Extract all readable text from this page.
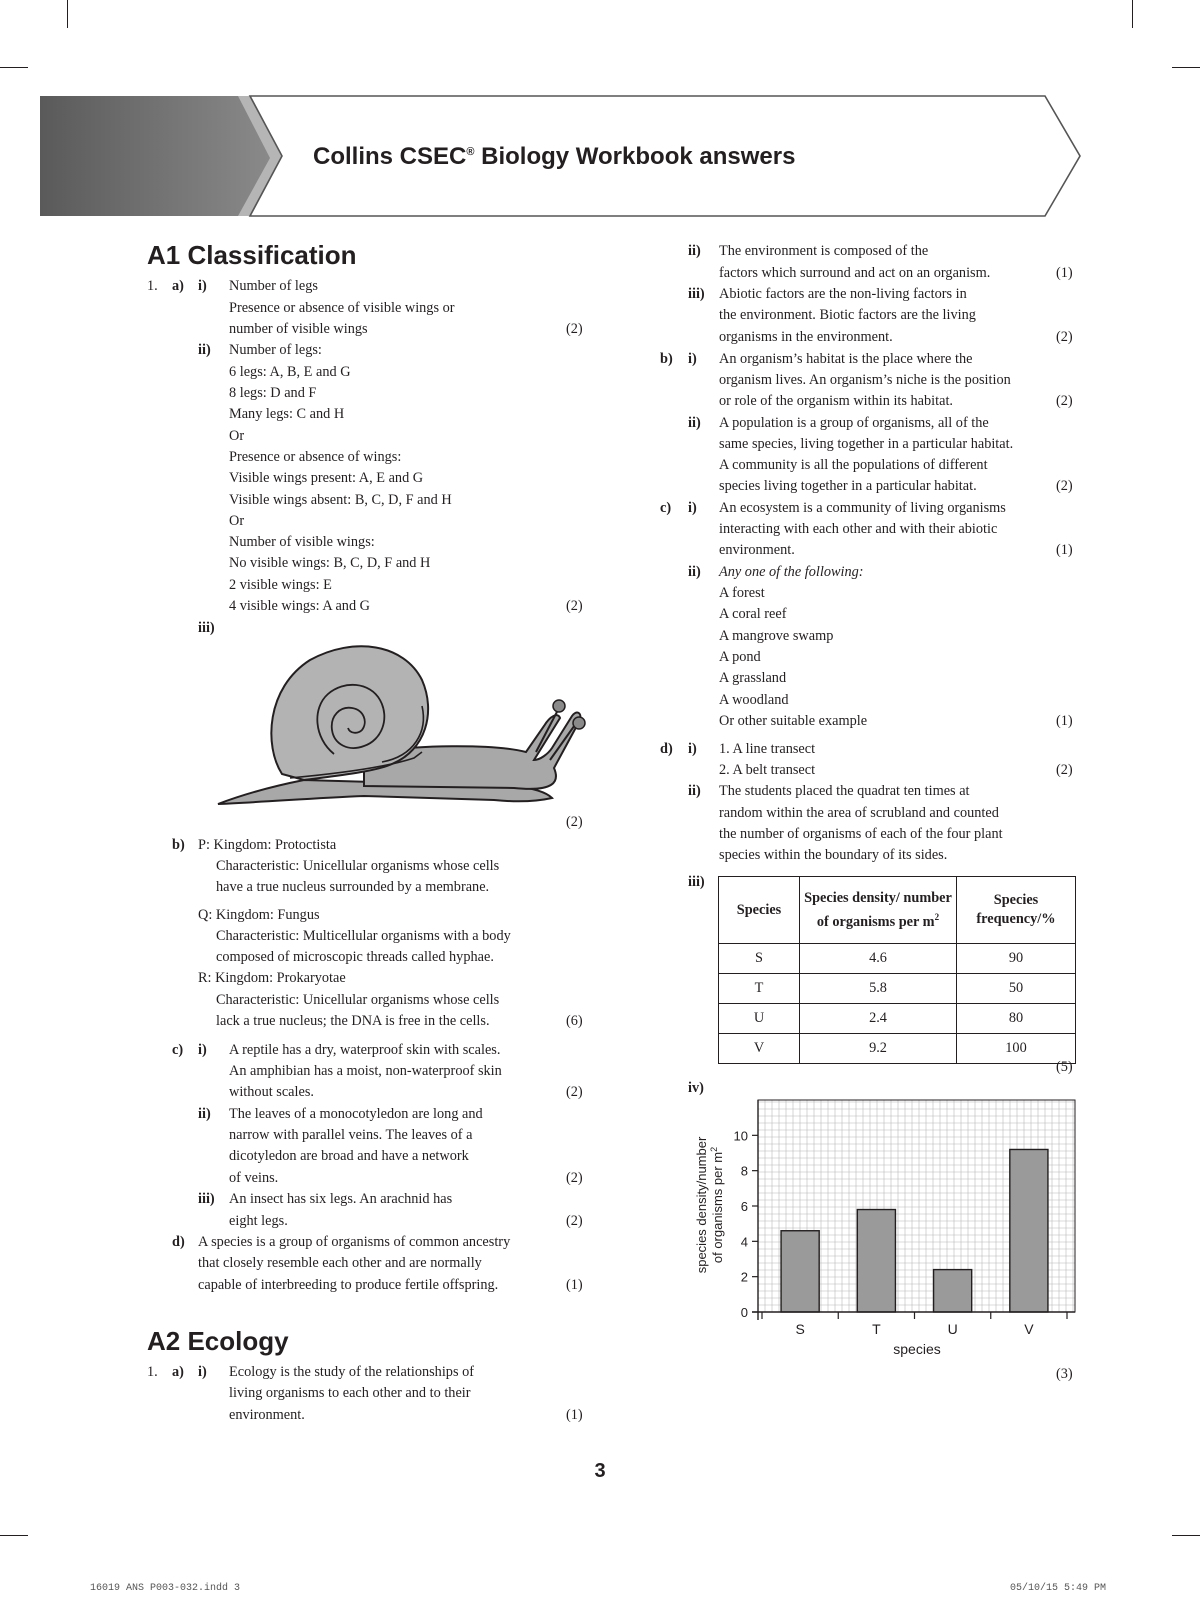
Collins CSEC® Biology Workbook answers
A1 Classification
1. a) i) Number of legs
Presence or absence of visible wings or
number of visible wings	(2)
ii) Number of legs:
6 legs: A, B, E and G
8 legs: D and F
Many legs: C and H
Or
Presence or absence of wings:
Visible wings present: A, E and G
Visible wings absent: B, C, D, F and H
Or
Number of visible wings:
No visible wings: B, C, D, F and H
2 visible wings: E
4 visible wings: A and G	(2)
iii)
(2)
b) P: Kingdom: Protoctista
Characteristic: Unicellular organisms whose cells
have a true nucleus surrounded by a membrane.
Q: Kingdom: Fungus
Characteristic: Multicellular organisms with a body
composed of microscopic threads called hyphae.
R: Kingdom: Prokaryotae
Characteristic: Unicellular organisms whose cells
lack a true nucleus; the DNA is free in the cells.	(6)
c) i) A reptile has a dry, waterproof skin with scales.
An amphibian has a moist, non-waterproof skin
without scales.	(2)
ii) The leaves of a monocotyledon are long and
narrow with parallel veins. The leaves of a
dicotyledon are broad and have a network
of veins.	(2)
iii) An insect has six legs. An arachnid has
eight legs.	(2)
d) A species is a group of organisms of common ancestry
that closely resemble each other and are normally
capable of interbreeding to produce fertile offspring.	(1)
A2 Ecology
1. a) i) Ecology is the study of the relationships of
living organisms to each other and to their
environment.	(1)
ii) The environment is composed of the
factors which surround and act on an organism.	(1)
iii) Abiotic factors are the non-living factors in
the environment. Biotic factors are the living
organisms in the environment.	(2)
b) i) An organism’s habitat is the place where the
organism lives. An organism’s niche is the position
or role of the organism within its habitat.	(2)
ii) A population is a group of organisms, all of the
same species, living together in a particular habitat.
A community is all the populations of different
species living together in a particular habitat.	(2)
c) i) An ecosystem is a community of living organisms
interacting with each other and with their abiotic
environment.	(1)
ii) Any one of the following:
A forest
A coral reef
A mangrove swamp
A pond
A grassland
A woodland
Or other suitable example	(1)
d) i) 1. A line transect
2. A belt transect	(2)
ii) The students placed the quadrat ten times at
random within the area of scrubland and counted
the number of organisms of each of the four plant
species within the boundary of its sides.
iii)
Species	Species density/ number of organisms per $m^2$	Species frequency/%
S	4.6	90
T	5.8	50
U	2.4	80
V	9.2	100
(5)
iv)
0
2
4
6
8
10
S	T	U	V
species density/number of organisms per $m^2$
species
(3)
3
16019 ANS P003-032.indd 3	05/10/15 5:49 PM
